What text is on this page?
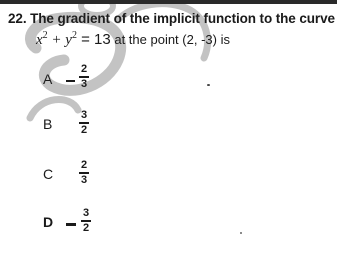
22. The gradient of the implicit function to the curve
$x^2 + y^2 = 13$ at the point (2, -3) is
A
2
3
B
3
2
C
2
3
D
3
2
